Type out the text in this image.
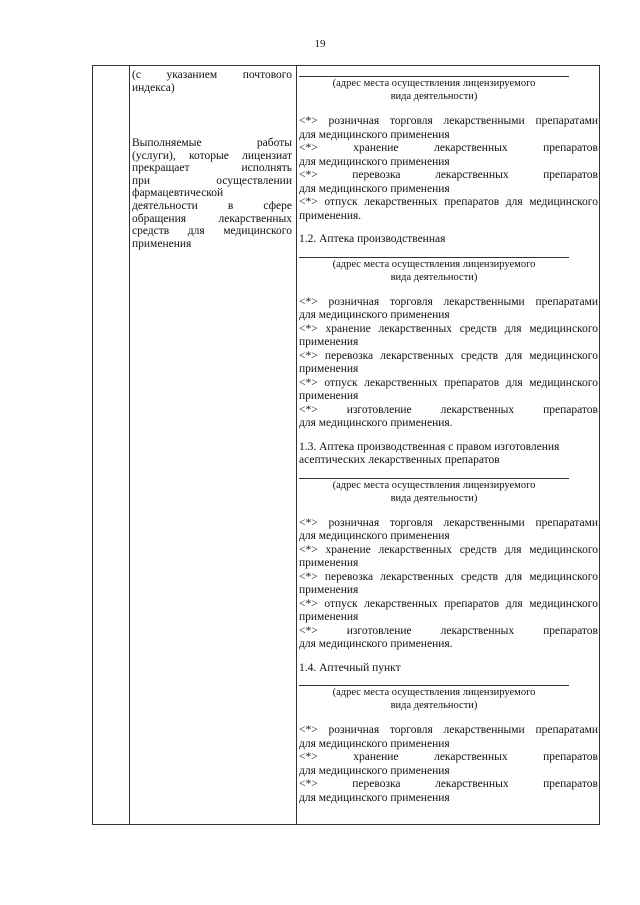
19
(с указанием почтового
индекса)
Выполняемые работы
(услуги), которые лицензиат
прекращает исполнять
при осуществлении
фармацевтической
деятельности в сфере
обращения лекарственных
средств для медицинского
применения
(адрес места осуществления лицензируемого
вида деятельности)
<*> розничная торговля лекарственными препаратами
для медицинского применения
<*> хранение лекарственных препаратов
для медицинского применения
<*> перевозка лекарственных препаратов
для медицинского применения
<*> отпуск лекарственных препаратов для медицинского
применения.
1.2. Аптека производственная
(адрес места осуществления лицензируемого
вида деятельности)
<*> розничная торговля лекарственными препаратами
для медицинского применения
<*> хранение лекарственных средств для медицинского
применения
<*> перевозка лекарственных средств для медицинского
применения
<*> отпуск лекарственных препаратов для медицинского
применения
<*> изготовление лекарственных препаратов
для медицинского применения.
1.3. Аптека производственная с правом изготовления
асептических лекарственных препаратов
(адрес места осуществления лицензируемого
вида деятельности)
<*> розничная торговля лекарственными препаратами
для медицинского применения
<*> хранение лекарственных средств для медицинского
применения
<*> перевозка лекарственных средств для медицинского
применения
<*> отпуск лекарственных препаратов для медицинского
применения
<*> изготовление лекарственных препаратов
для медицинского применения.
1.4. Аптечный пункт
(адрес места осуществления лицензируемого
вида деятельности)
<*> розничная торговля лекарственными препаратами
для медицинского применения
<*> хранение лекарственных препаратов
для медицинского применения
<*> перевозка лекарственных препаратов
для медицинского применения
